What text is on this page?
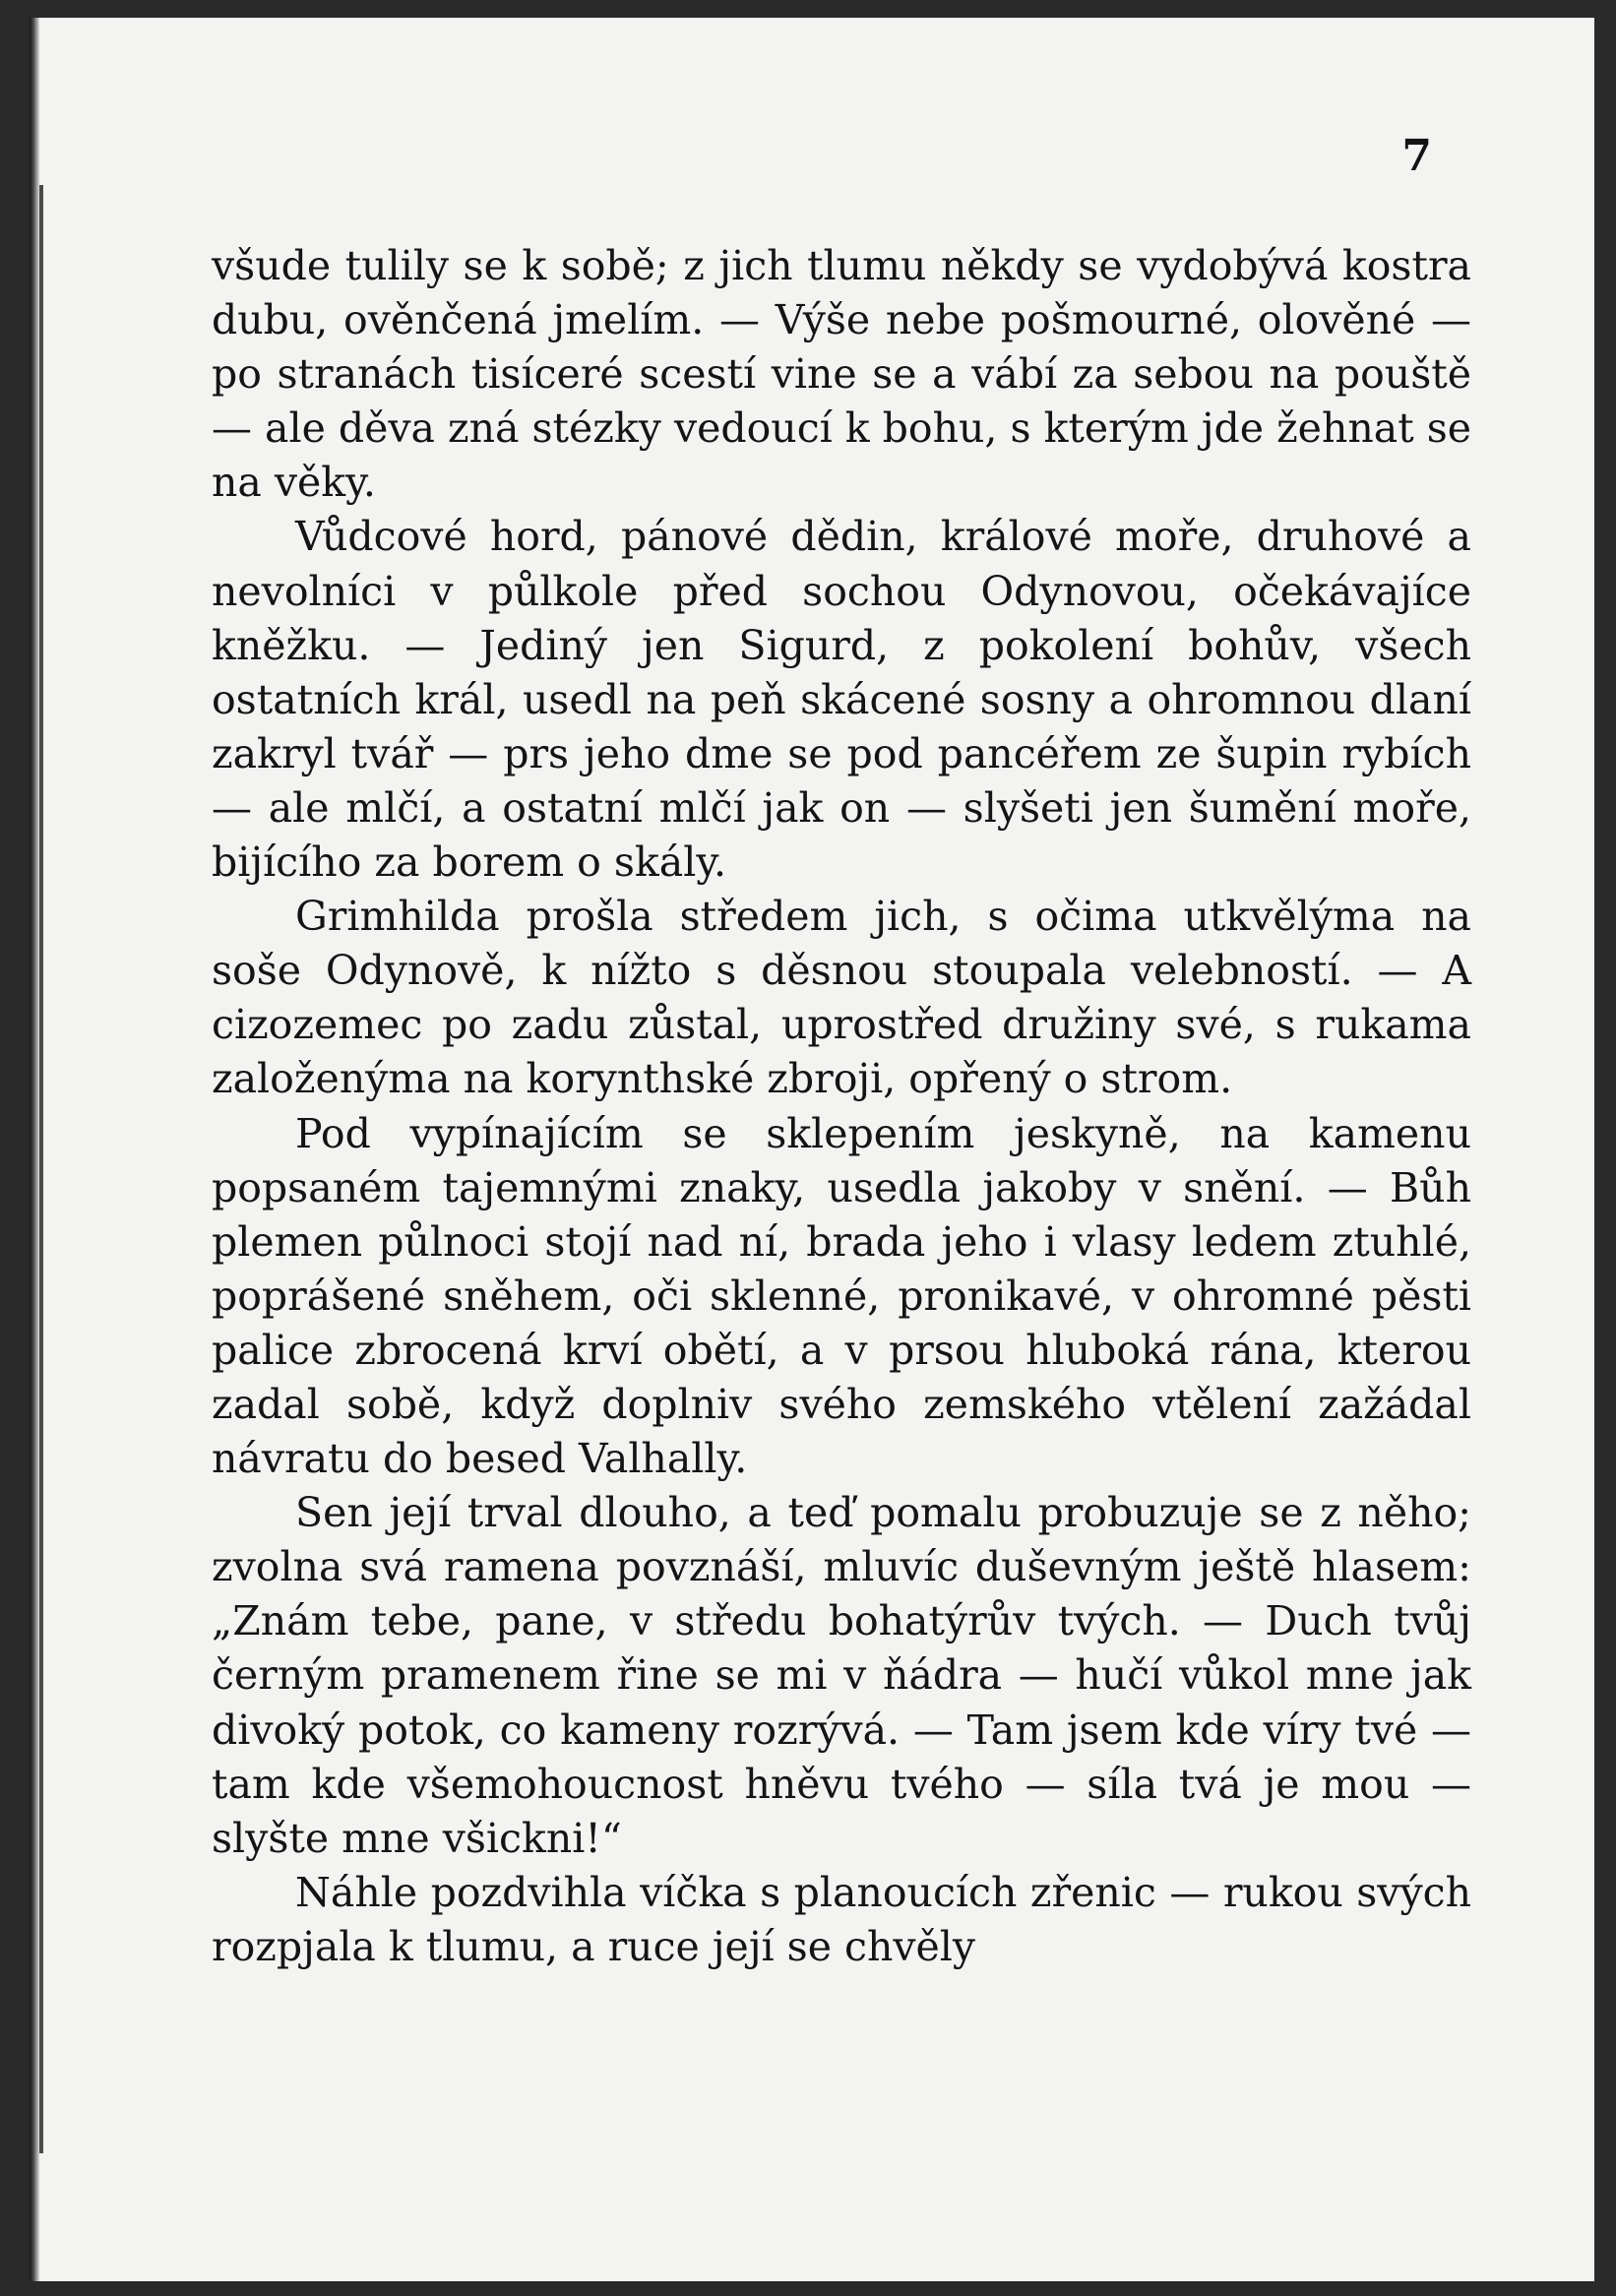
7

všude tulily se k sobě; z jich tlumu někdy se vydobývá kostra dubu, ověnčená jmelím. — Výše nebe pošmourné, olověné — po stranách tisíceré scestí vine se a vábí za sebou na pouště — ale děva zná stézky vedoucí k bohu, s kterým jde žehnat se na věky.

Vůdcové hord, pánové dědin, králové moře, druhové a nevolníci v půlkole před sochou Odynovou, očekávajíce kněžku. — Jediný jen Sigurd, z pokolení bohův, všech ostatních král, usedl na peň skácené sosny a ohromnou dlaní zakryl tvář — prs jeho dme se pod pancéřem ze šupin rybích — ale mlčí, a ostatní mlčí jak on — slyšeti jen šumění moře, bijícího za borem o skály.

Grimhilda prošla středem jich, s očima utkvělýma na soše Odynově, k nížto s děsnou stoupala velebností. — A cizozemec po zadu zůstal, uprostřed družiny své, s rukama založenýma na korynthské zbroji, opřený o strom.

Pod vypínajícím se sklepením jeskyně, na kamenu popsaném tajemnými znaky, usedla jakoby v snění. — Bůh plemen půlnoci stojí nad ní, brada jeho i vlasy ledem ztuhlé, poprášené sněhem, oči sklenné, pronikavé, v ohromné pěsti palice zbrocená krví obětí, a v prsou hluboká rána, kterou zadal sobě, když doplniv svého zemského vtělení zažádal návratu do besed Valhally.

Sen její trval dlouho, a teď pomalu probuzuje se z něho; zvolna svá ramena povznáší, mluvíc duševným ještě hlasem: „Znám tebe, pane, v středu bohatýrův tvých. — Duch tvůj černým pramenem řine se mi v ňádra — hučí vůkol mne jak divoký potok, co kameny rozrývá. — Tam jsem kde víry tvé — tam kde všemohoucnost hněvu tvého — síla tvá je mou — slyšte mne všickni!“

Náhle pozdvihla víčka s planoucích zřenic — rukou svých rozpjala k tlumu, a ruce její se chvěly
